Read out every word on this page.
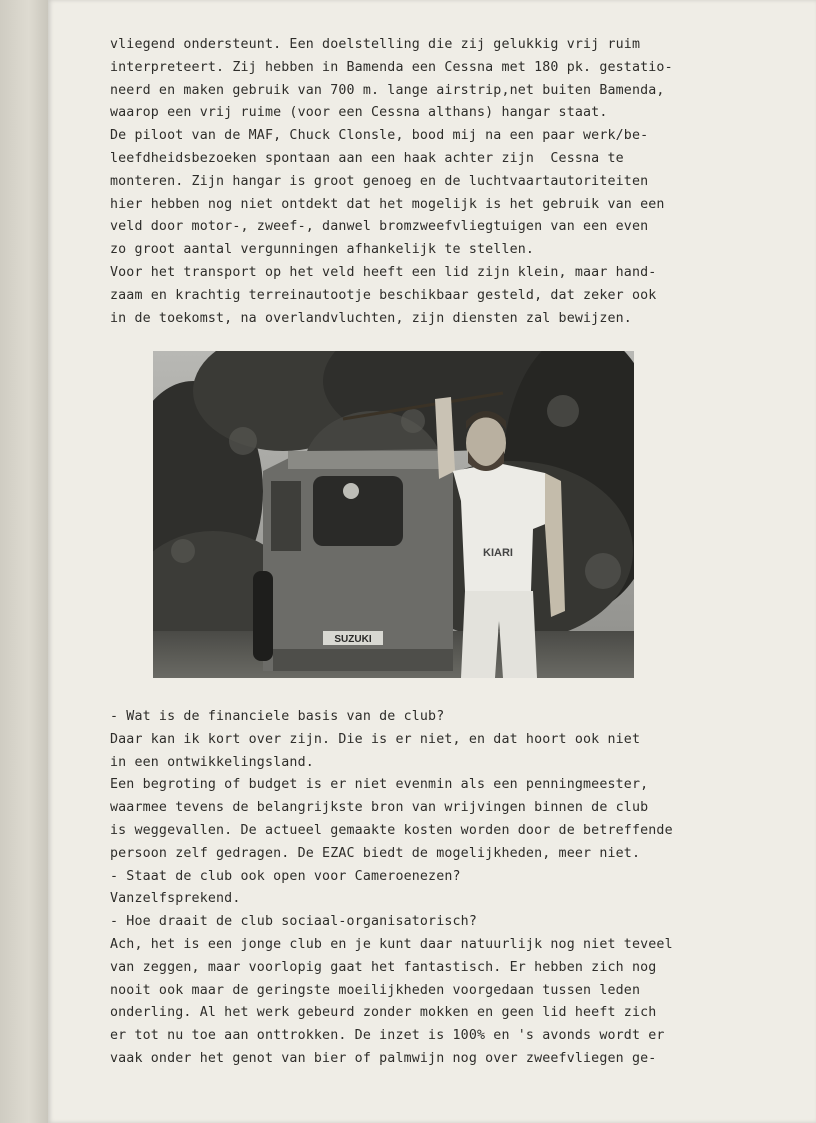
vliegend ondersteunt. Een doelstelling die zij gelukkig vrij ruim
interpreteert. Zij hebben in Bamenda een Cessna met 180 pk. gestatio-
neerd en maken gebruik van 700 m. lange airstrip,net buiten Bamenda,
waarop een vrij ruime (voor een Cessna althans) hangar staat.
De piloot van de MAF, Chuck Clonsle, bood mij na een paar werk/be-
leefdheidsbezoeken spontaan aan een haak achter zijn  Cessna te
monteren. Zijn hangar is groot genoeg en de luchtvaartautoriteiten
hier hebben nog niet ontdekt dat het mogelijk is het gebruik van een
veld door motor-, zweef-, danwel bromzweefvliegtuigen van een even
zo groot aantal vergunningen afhankelijk te stellen.
Voor het transport op het veld heeft een lid zijn klein, maar hand-
zaam en krachtig terreinautootje beschikbaar gesteld, dat zeker ook
in de toekomst, na overlandvluchten, zijn diensten zal bewijzen.
SUZUKI
KIARI
- Wat is de financiele basis van de club?
Daar kan ik kort over zijn. Die is er niet, en dat hoort ook niet
in een ontwikkelingsland.
Een begroting of budget is er niet evenmin als een penningmeester,
waarmee tevens de belangrijkste bron van wrijvingen binnen de club
is weggevallen. De actueel gemaakte kosten worden door de betreffende
persoon zelf gedragen. De EZAC biedt de mogelijkheden, meer niet.
- Staat de club ook open voor Cameroenezen?
Vanzelfsprekend.
- Hoe draait de club sociaal-organisatorisch?
Ach, het is een jonge club en je kunt daar natuurlijk nog niet teveel
van zeggen, maar voorlopig gaat het fantastisch. Er hebben zich nog
nooit ook maar de geringste moeilijkheden voorgedaan tussen leden
onderling. Al het werk gebeurd zonder mokken en geen lid heeft zich
er tot nu toe aan onttrokken. De inzet is 100% en 's avonds wordt er
vaak onder het genot van bier of palmwijn nog over zweefvliegen ge-
